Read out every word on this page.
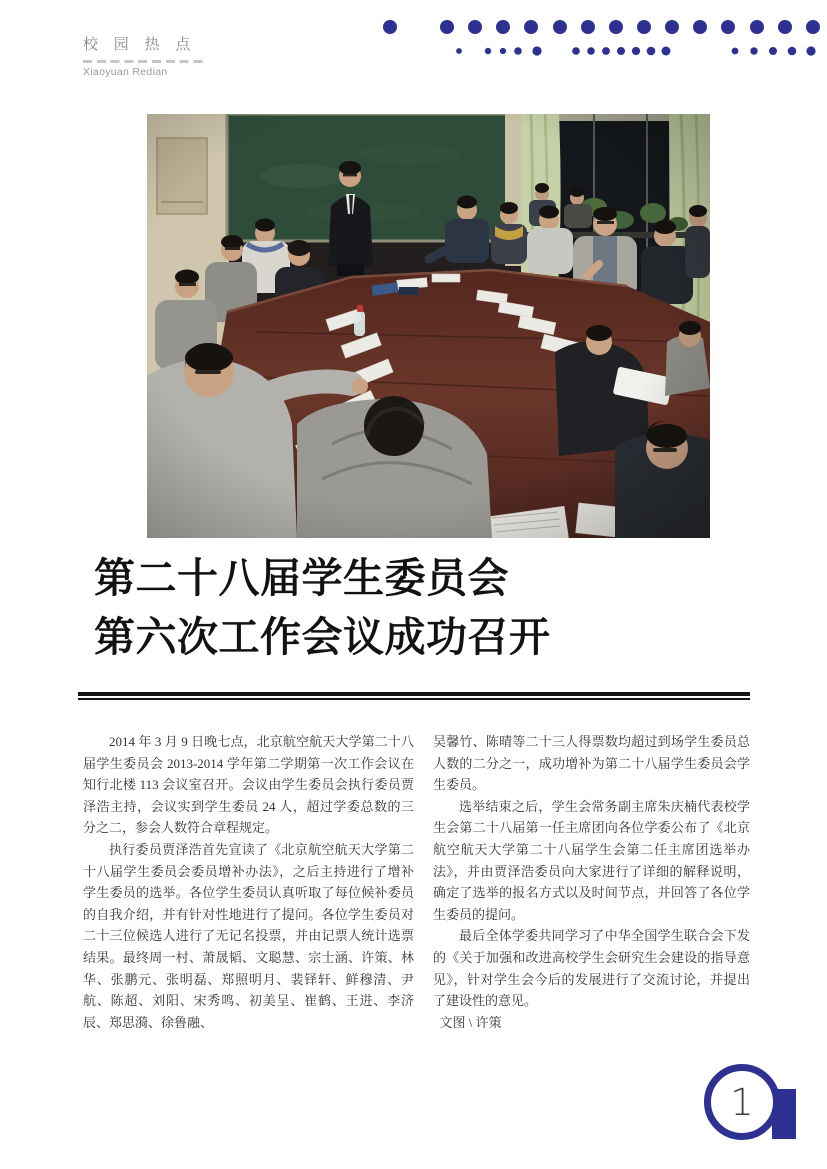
校 园 热 点
Xiaoyuan Redian
第二十八届学生委员会
第六次工作会议成功召开

2014 年 3 月 9 日晚七点，北京航空航天大学第二十八届学生委员会 2013-2014 学年第二学期第一次工作会议在知行北楼 113 会议室召开。会议由学生委员会执行委员贾泽浩主持，会议实到学生委员 24 人，超过学委总数的三分之二，参会人数符合章程规定。

执行委员贾泽浩首先宣读了《北京航空航天大学第二十八届学生委员会委员增补办法》，之后主持进行了增补学生委员的选举。各位学生委员认真听取了每位候补委员的自我介绍，并有针对性地进行了提问。各位学生委员对二十三位候选人进行了无记名投票，并由记票人统计选票结果。最终周一村、萧晟韬、文聪慧、宗士涵、许策、林华、张鹏元、张明磊、郑照明月、裴铎轩、鲜穆清、尹航、陈超、刘阳、宋秀鸣、初美呈、崔鹤、王进、李济辰、郑思漪、徐鲁融、

吴馨竹、陈晴等二十三人得票数均超过到场学生委员总人数的二分之一，成功增补为第二十八届学生委员会学生委员。

选举结束之后，学生会常务副主席朱庆楠代表校学生会第二十八届第一任主席团向各位学委公布了《北京航空航天大学第二十八届学生会第二任主席团选举办法》，并由贾泽浩委员向大家进行了详细的解释说明，确定了选举的报名方式以及时间节点，并回答了各位学生委员的提问。

最后全体学委共同学习了中华全国学生联合会下发的《关于加强和改进高校学生会研究生会建设的指导意见》，针对学生会今后的发展进行了交流讨论，并提出了建设性的意见。

文图 \ 许策

1
